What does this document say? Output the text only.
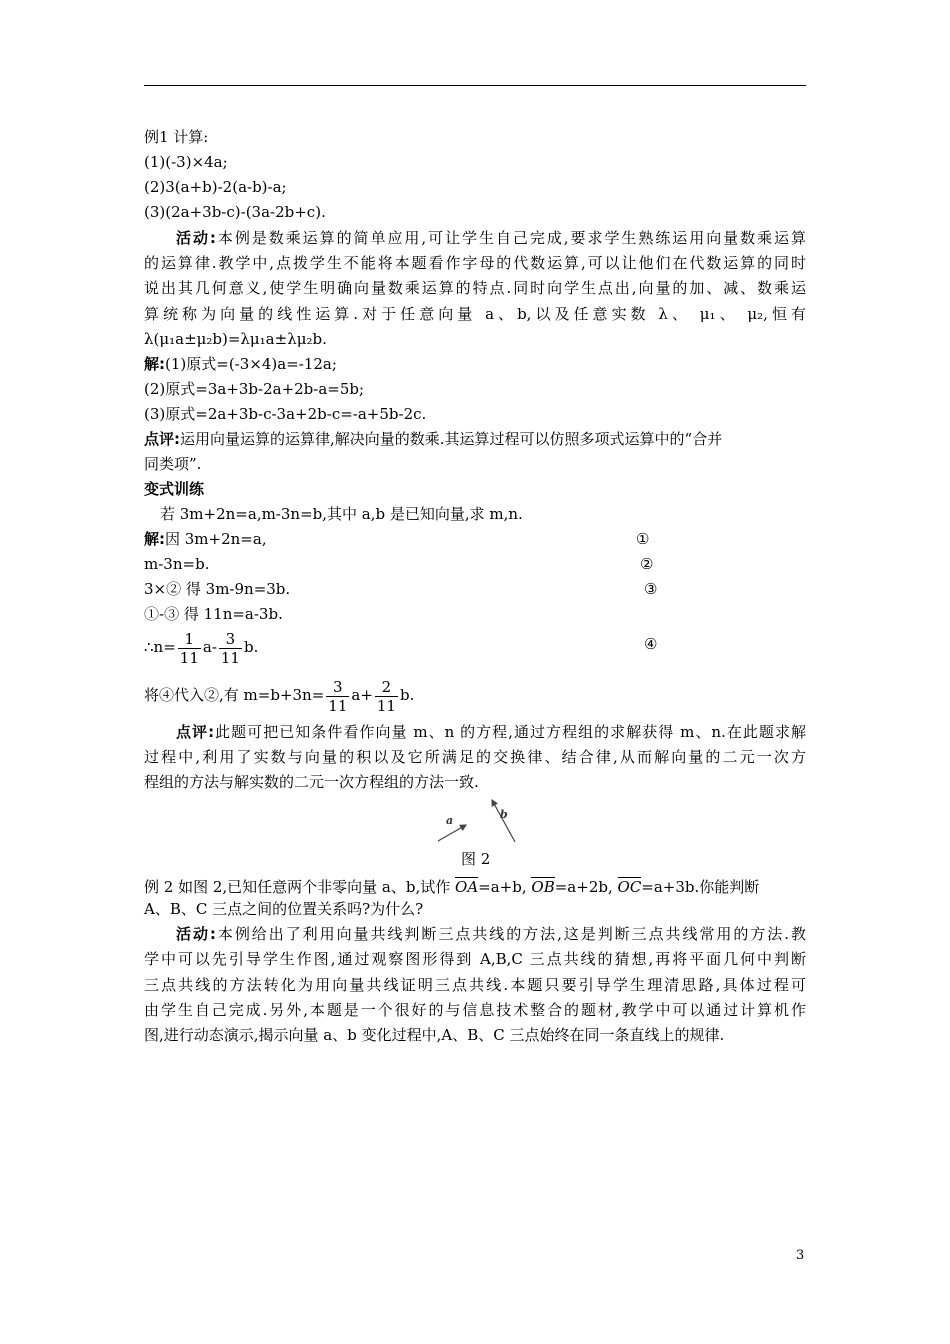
例1 计算:
(1)(-3)×4a;
(2)3(a+b)-2(a-b)-a;
(3)(2a+3b-c)-(3a-2b+c).
活动:本例是数乘运算的简单应用,可让学生自己完成,要求学生熟练运用向量数乘运算
的运算律.教学中,点拨学生不能将本题看作字母的代数运算,可以让他们在代数运算的同时
说出其几何意义,使学生明确向量数乘运算的特点.同时向学生点出,向量的加、减、数乘运
算统称为向量的线性运算.对于任意向量 a、b,以及任意实数 λ、 μ₁、 μ₂,恒有
λ(μ₁a±μ₂b)=λμ₁a±λμ₂b.
解:(1)原式=(-3×4)a=-12a;
(2)原式=3a+3b-2a+2b-a=5b;
(3)原式=2a+3b-c-3a+2b-c=-a+5b-2c.
点评:运用向量运算的运算律,解决向量的数乘.其运算过程可以仿照多项式运算中的“合并
同类项”.
变式训练
若 3m+2n=a,m-3n=b,其中 a,b 是已知向量,求 m,n.
解:因 3m+2n=a,	①
m-3n=b.	②
3×② 得 3m-9n=3b.	③
①-③ 得 11n=a-3b.
∴n= $\frac{1}{11} a- \frac{3}{11} b$.	④
将④代入②,有 $m=b+3n= \frac{3}{11} a+ \frac{2}{11} b$.
点评:此题可把已知条件看作向量 m、n 的方程,通过方程组的求解获得 m、n.在此题求解
过程中,利用了实数与向量的积以及它所满足的交换律、结合律,从而解向量的二元一次方
程组的方法与解实数的二元一次方程组的方法一致.
a	b
图 2
例 2 如图 2,已知任意两个非零向量 a、b,试作 OA=a+b, OB=a+2b, OC=a+3b.你能判断
A、B、C 三点之间的位置关系吗?为什么?
活动:本例给出了利用向量共线判断三点共线的方法,这是判断三点共线常用的方法.教
学中可以先引导学生作图,通过观察图形得到 A,B,C 三点共线的猜想,再将平面几何中判断
三点共线的方法转化为用向量共线证明三点共线.本题只要引导学生理清思路,具体过程可
由学生自己完成.另外,本题是一个很好的与信息技术整合的题材,教学中可以通过计算机作
图,进行动态演示,揭示向量 a、b 变化过程中,A、B、C 三点始终在同一条直线上的规律.
3
